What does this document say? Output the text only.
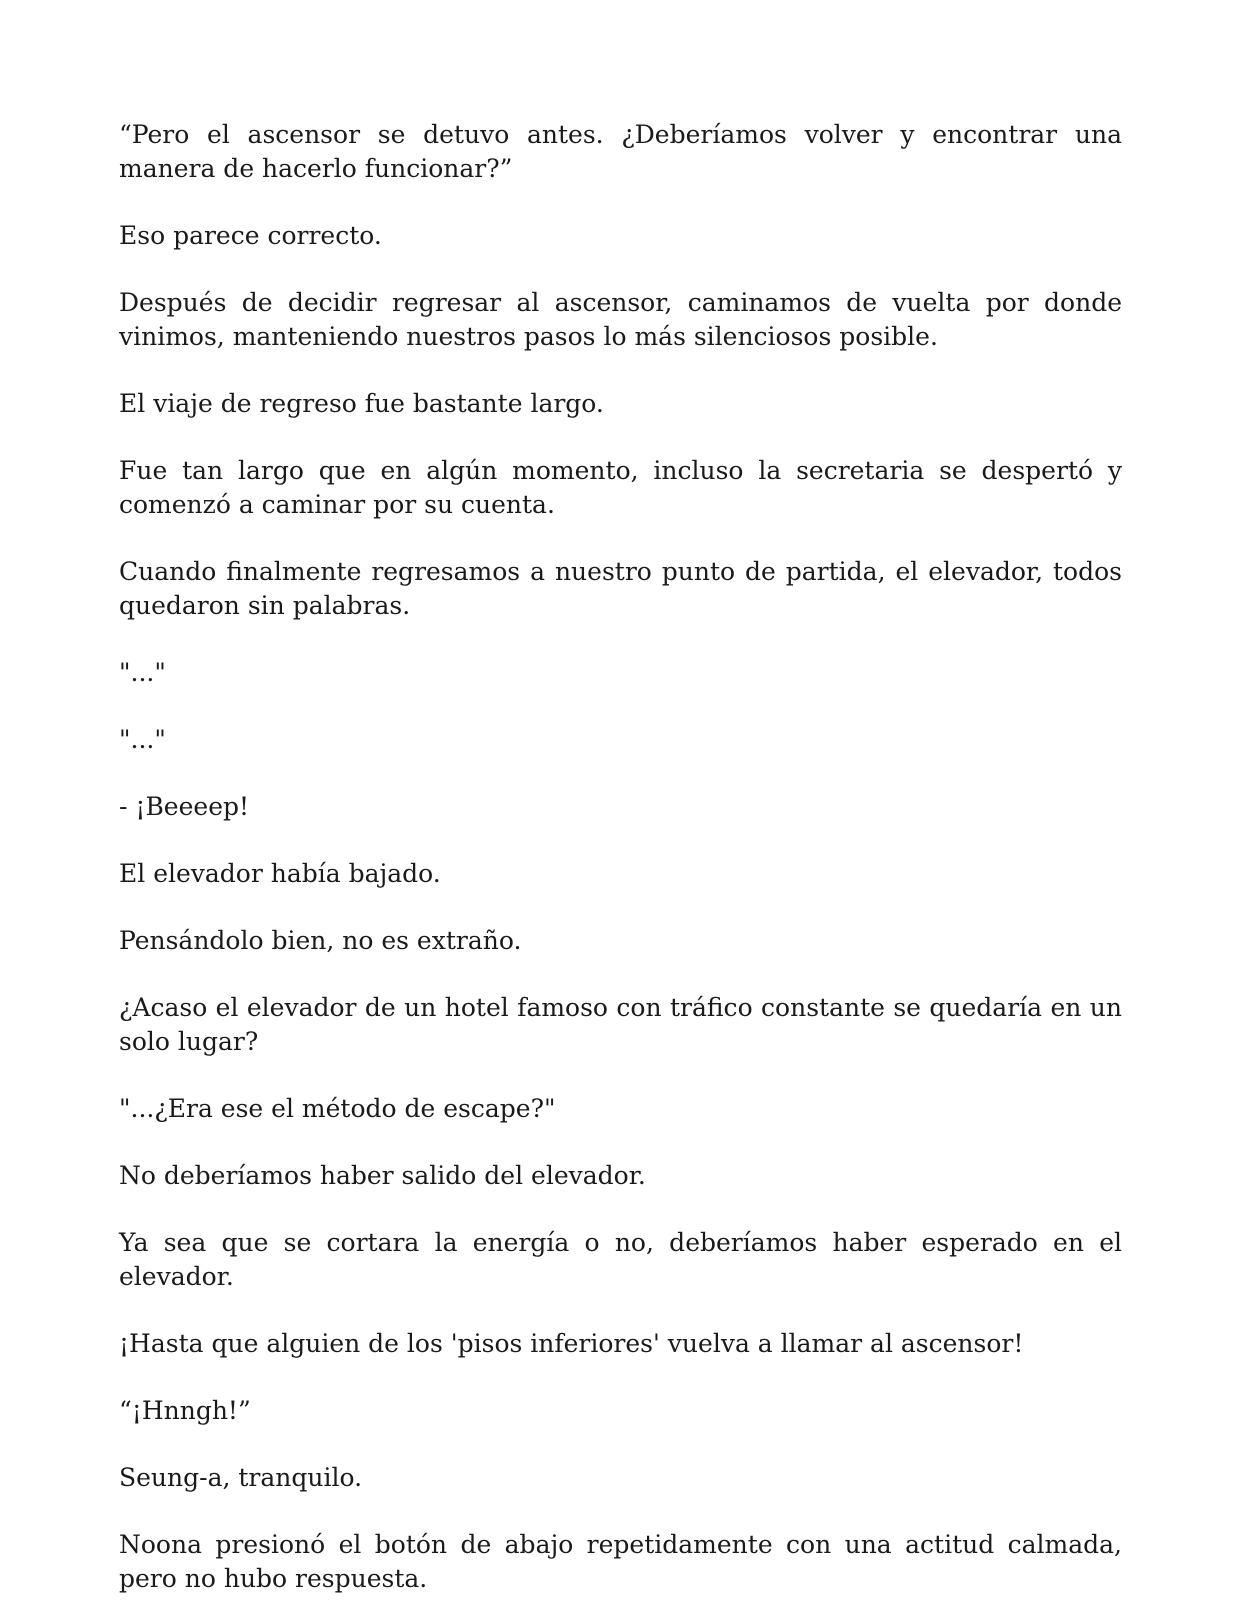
“Pero el ascensor se detuvo antes. ¿Deberíamos volver y encontrar una manera de hacerlo funcionar?”

Eso parece correcto.

Después de decidir regresar al ascensor, caminamos de vuelta por donde vinimos, manteniendo nuestros pasos lo más silenciosos posible.

El viaje de regreso fue bastante largo.

Fue tan largo que en algún momento, incluso la secretaria se despertó y comenzó a caminar por su cuenta.

Cuando finalmente regresamos a nuestro punto de partida, el elevador, todos quedaron sin palabras.

"..."

"..."

- ¡Beeeep!

El elevador había bajado.

Pensándolo bien, no es extraño.

¿Acaso el elevador de un hotel famoso con tráfico constante se quedaría en un solo lugar?

"...¿Era ese el método de escape?"

No deberíamos haber salido del elevador.

Ya sea que se cortara la energía o no, deberíamos haber esperado en el elevador.

¡Hasta que alguien de los 'pisos inferiores' vuelva a llamar al ascensor!

“¡Hnngh!”

Seung-a, tranquilo.

Noona presionó el botón de abajo repetidamente con una actitud calmada, pero no hubo respuesta.
